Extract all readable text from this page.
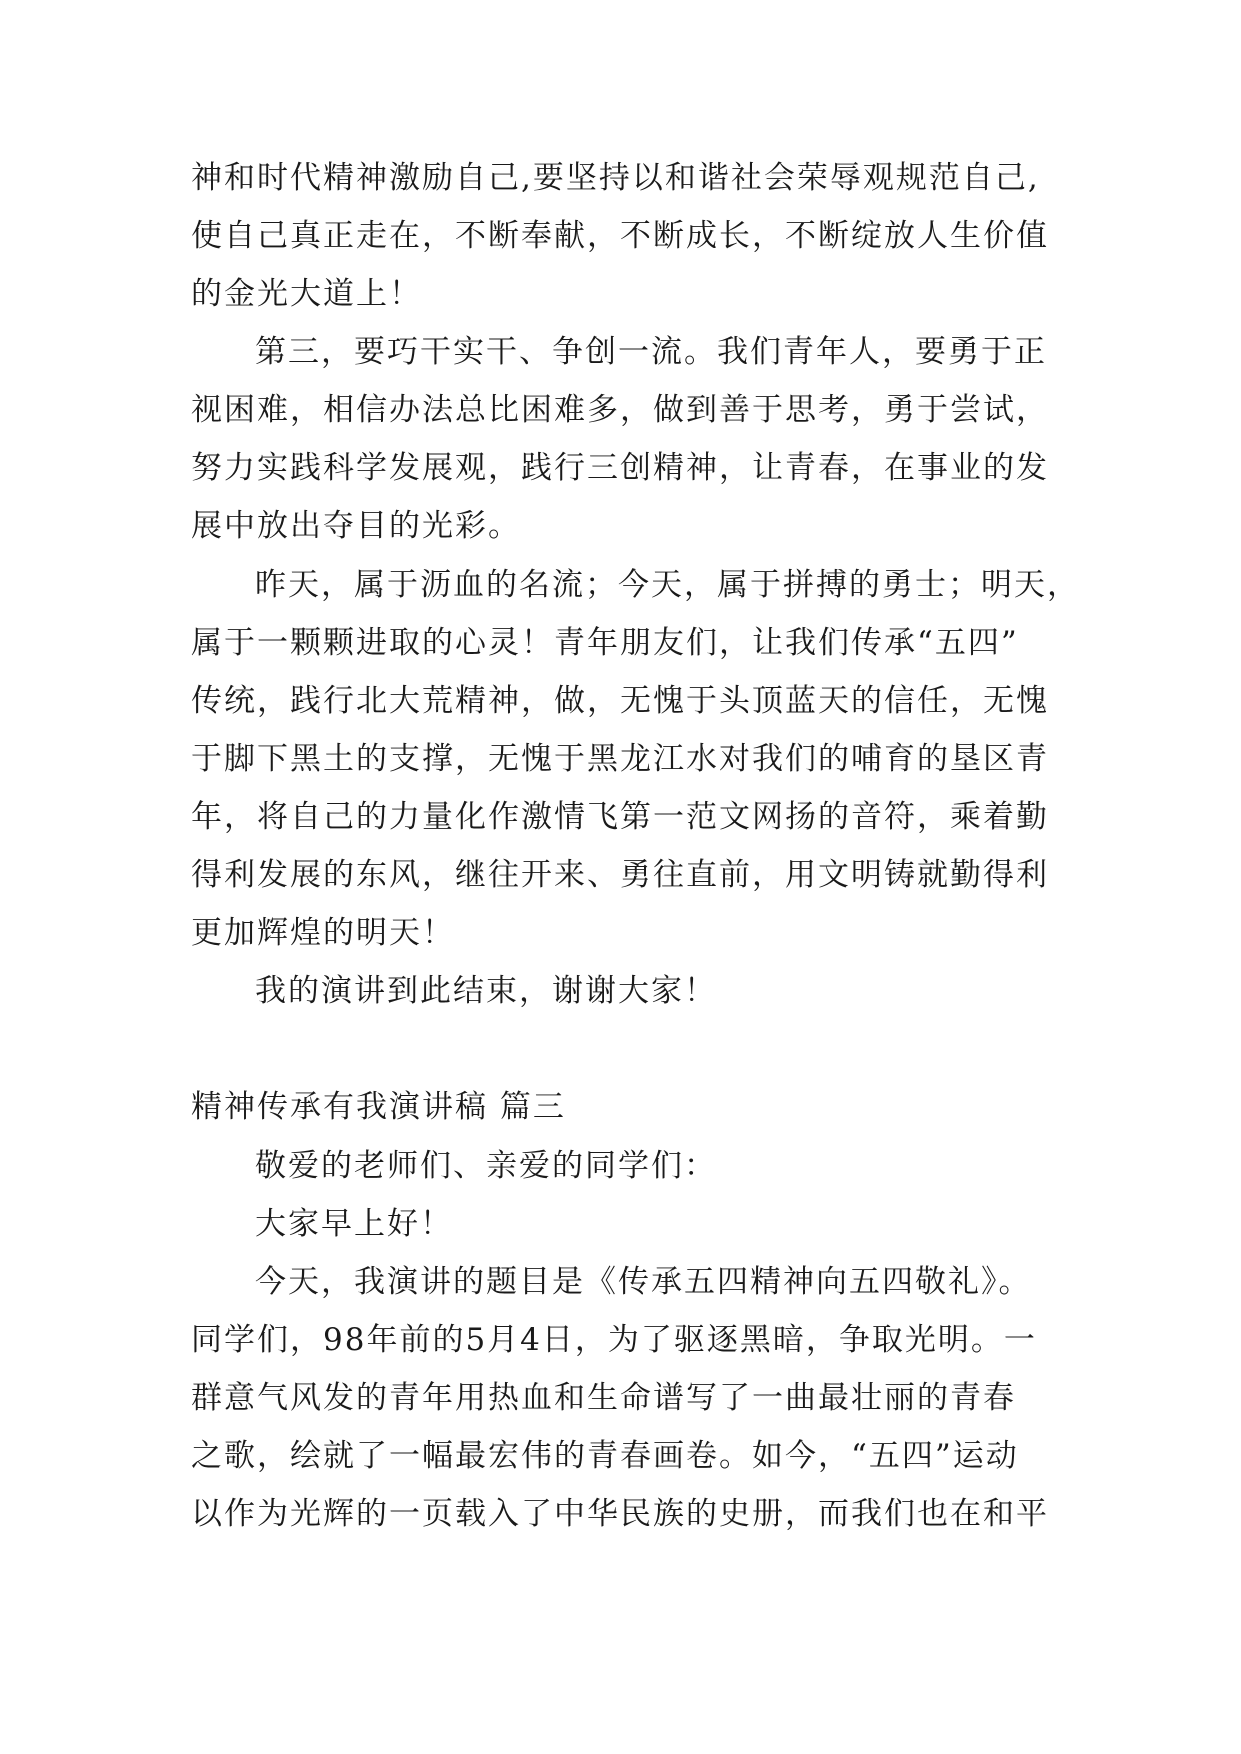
神和时代精神激励自己,要坚持以和谐社会荣辱观规范自己,
使自己真正走在，不断奉献，不断成长，不断绽放人生价值
的金光大道上！
第三，要巧干实干、争创一流。我们青年人，要勇于正
视困难，相信办法总比困难多，做到善于思考，勇于尝试，
努力实践科学发展观，践行三创精神，让青春，在事业的发
展中放出夺目的光彩。
昨天，属于沥血的名流；今天，属于拼搏的勇士；明天，
属于一颗颗进取的心灵！青年朋友们，让我们传承“五四”
传统，践行北大荒精神，做，无愧于头顶蓝天的信任，无愧
于脚下黑土的支撑，无愧于黑龙江水对我们的哺育的垦区青
年，将自己的力量化作激情飞第一范文网扬的音符，乘着勤
得利发展的东风，继往开来、勇往直前，用文明铸就勤得利
更加辉煌的明天！
我的演讲到此结束，谢谢大家！
精神传承有我演讲稿 篇三
敬爱的老师们、亲爱的同学们：
大家早上好！
今天，我演讲的题目是《传承五四精神向五四敬礼》。
同学们，98年前的5月4日，为了驱逐黑暗，争取光明。一
群意气风发的青年用热血和生命谱写了一曲最壮丽的青春
之歌，绘就了一幅最宏伟的青春画卷。如今，“五四”运动
以作为光辉的一页载入了中华民族的史册，而我们也在和平
